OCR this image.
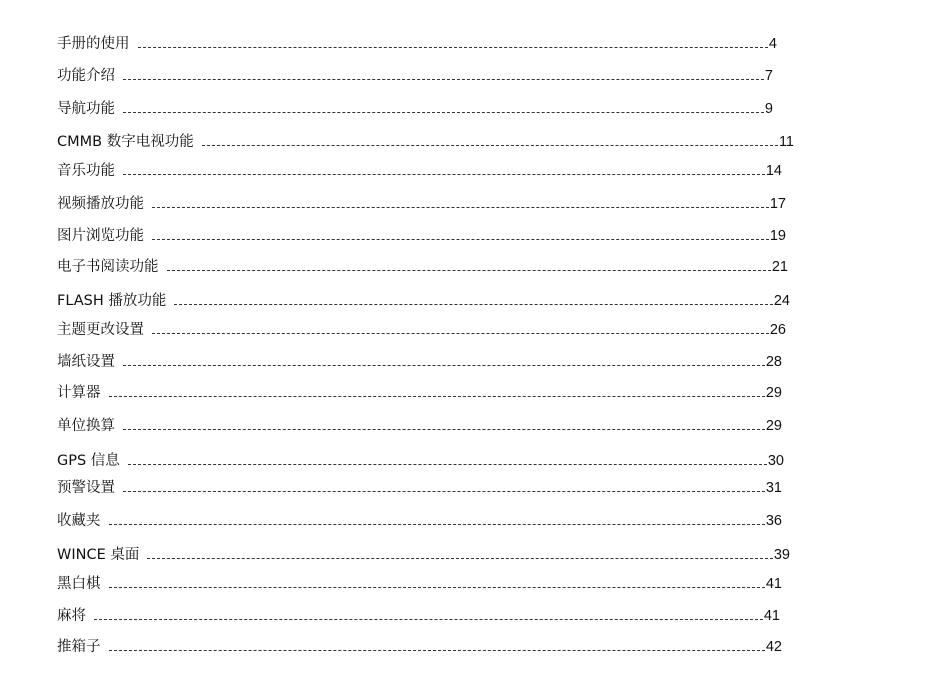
手册的使用	4
功能介绍	7
导航功能	9
CMMB 数字电视功能	11
音乐功能	14
视频播放功能	17
图片浏览功能	19
电子书阅读功能	21
FLASH 播放功能	24
主题更改设置	26
墙纸设置	28
计算器	29
单位换算	29
GPS 信息	30
预警设置	31
收藏夹	36
WINCE 桌面	39
黑白棋	41
麻将	41
推箱子	42
